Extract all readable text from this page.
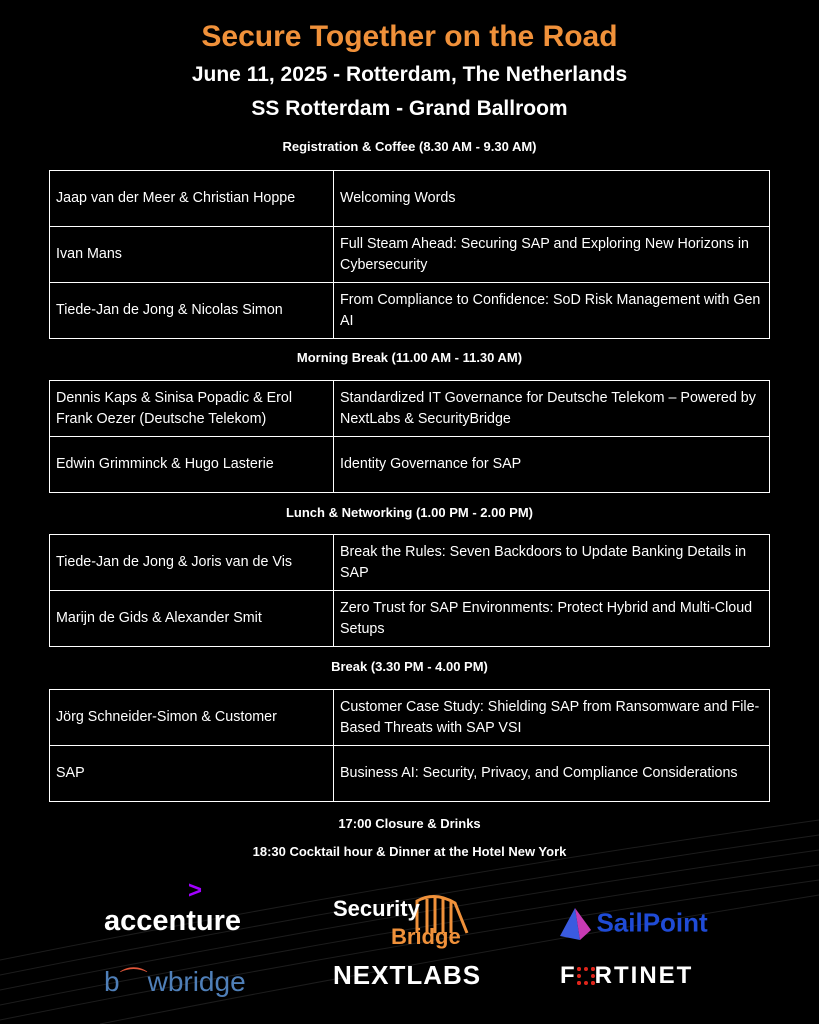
Secure Together on the Road
June 11, 2025 - Rotterdam, The Netherlands
SS Rotterdam - Grand Ballroom
Registration & Coffee (8.30 AM - 9.30 AM)
Jaap van der Meer & Christian Hoppe	Welcoming Words
Ivan Mans	Full Steam Ahead: Securing SAP and Exploring New Horizons in Cybersecurity
Tiede-Jan de Jong & Nicolas Simon	From Compliance to Confidence: SoD Risk Management with Gen AI
Morning Break (11.00 AM - 11.30 AM)
Dennis Kaps & Sinisa Popadic & Erol Frank Oezer (Deutsche Telekom)	Standardized IT Governance for Deutsche Telekom – Powered by NextLabs & SecurityBridge
Edwin Grimminck & Hugo Lasterie	Identity Governance for SAP
Lunch & Networking (1.00 PM - 2.00 PM)
Tiede-Jan de Jong & Joris van de Vis	Break the Rules: Seven Backdoors to Update Banking Details in SAP
Marijn de Gids & Alexander Smit	Zero Trust for SAP Environments: Protect Hybrid and Multi-Cloud Setups
Break (3.30 PM - 4.00 PM)
Jörg Schneider-Simon & Customer	Customer Case Study: Shielding SAP from Ransomware and File-Based Threats with SAP VSI
SAP	Business AI: Security, Privacy, and Compliance Considerations
17:00 Closure & Drinks
18:30 Cocktail hour & Dinner at the Hotel New York
>
accenture	Security
Bridge	SailPoint
b⌒wbridge	NEXTLABS	F RTINET
